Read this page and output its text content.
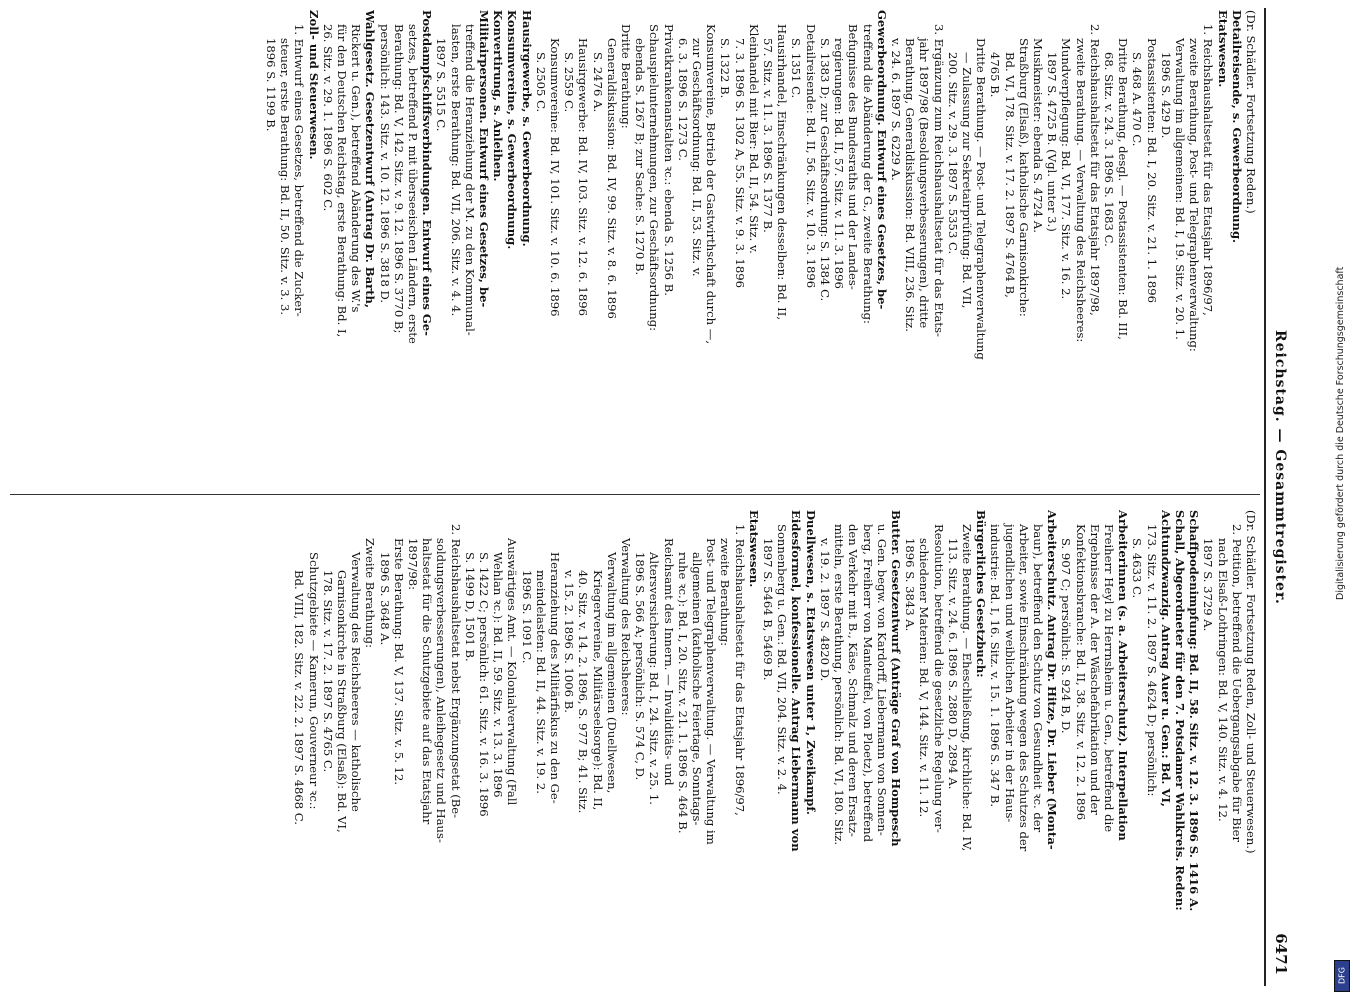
Reichstag. — Gesammtregister.
6471
(Dr. Schädler. Fortsetzung Reden.)
Detailreisende, s. Gewerbeordnung.
Etatswesen.
1. Reichshaushaltsetat für das Etatsjahr 1896/97,
zweite Berathung, Post- und Telegraphenverwaltung:
Verwaltung im allgemeinen: Bd. I, 19. Sitz. v. 20. 1.
1896 S. 429 D.
Postassistenten: Bd. I, 20. Sitz. v. 21. 1. 1896
S. 468 A. 470 C.
Dritte Berathung, desgl. — Postassistenten: Bd. III,
68. Sitz. v. 24. 3. 1896 S. 1683 C.
2. Reichshaushaltsetat für das Etatsjahr 1897/98,
zweite Berathung. — Verwaltung des Reichsheeres:
Mundverpflegung: Bd. VI, 177. Sitz. v. 16. 2.
1897 S. 4725 B. (Vgl. unter 3.)
Musikmeister: ebenda S. 4724 A.
Straßburg (Elsaß), katholische Garnisonkirche:
Bd. VI, 178. Sitz. v. 17. 2. 1897 S. 4764 B,
4765 B.
Dritte Berathung. — Post- und Telegraphenverwaltung
— Zulassung zur Sekretairprüfung: Bd. VII,
200. Sitz. v. 29. 3. 1897 S. 5353 C.
3. Ergänzung zum Reichshaushaltsetat für das Etats-
jahr 1897/98 (Besoldungsverbesserungen), dritte
Berathung, Generaldiskussion: Bd. VIII, 236. Sitz.
v. 24. 6. 1897 S. 6229 A.
Gewerbeordnung. Entwurf eines Gesetzes, be-
treffend die Abänderung der G., zweite Berathung:
Befugnisse des Bundesraths und der Landes-
regierungen: Bd. II, 57. Sitz. v. 11. 3. 1896
S. 1383 D; zur Geschäftsordnung: S. 1384 C.
Detailreisende: Bd. II, 56. Sitz. v. 10. 3. 1896
S. 1351 C.
Hausirhandel, Einschränkungen desselben: Bd. II,
57. Sitz. v. 11. 3. 1896 S. 1377 B.
Kleinhandel mit Bier: Bd. II, 54. Sitz. v.
7. 3. 1896 S. 1302 A, 55. Sitz. v. 9. 3. 1896
S. 1322 B.
Konsumvereine, Betrieb der Gastwirthschaft durch —,
zur Geschäftsordnung: Bd. II, 53. Sitz. v.
6. 3. 1896 S. 1273 C.
Privatkrankenanstalten ꝛc.: ebenda S. 1256 B.
Schauspielunternehmungen, zur Geschäftsordnung:
ebenda S. 1267 B; zur Sache: S. 1270 B.
Dritte Berathung:
Generaldiskussion: Bd. IV, 99. Sitz. v. 8. 6. 1896
S. 2476 A.
Hausirgewerbe: Bd. IV, 103. Sitz. v. 12. 6. 1896
S. 2559 C.
Konsumvereine: Bd. IV, 101. Sitz. v. 10. 6. 1896
S. 2505 C.
Hausirgewerbe, s. Gewerbeordnung.
Konsumvereine, s. Gewerbeordnung.
Konvertirung, s. Anleihen.
Militairpersonen. Entwurf eines Gesetzes, be-
treffend die Heranziehung der M. zu den Kommunal-
lasten, erste Berathung: Bd. VII, 206. Sitz. v. 4. 4.
1897 S. 5515 C.
Postdampfschiffsverbindungen. Entwurf eines Ge-
setzes, betreffend P. mit überseeischen Ländern, erste
Berathung: Bd. V, 142. Sitz. v. 9. 12. 1896 S. 3770 B;
persönlich: 143. Sitz. v. 10. 12. 1896 S. 3818 D.
Wahlgesetz. Gesetzentwurf (Antrag Dr. Barth,
Rickert u. Gen.), betreffend Abänderung des W.'s
für den Deutschen Reichstag, erste Berathung: Bd. I,
26. Sitz. v. 29. 1. 1896 S. 602 C.
Zoll- und Steuerwesen.
1. Entwurf eines Gesetzes, betreffend die Zucker-
steuer, erste Berathung: Bd. II, 50. Sitz. v. 3. 3.
1896 S. 1199 B.
(Dr. Schädler. Fortsetzung Reden, Zoll- und Steuerwesen.)
2. Petition, betreffend die Uebergangsabgabe für Bier
nach Elsaß-Lothringen: Bd. V, 140. Sitz. v. 4. 12.
1897 S. 3729 A.
Schaffpodenimpfung: Bd. II, 58. Sitz. v. 12. 3. 1896 S. 1416 A.
Schall, Abgeordneter für den 7. Potsdamer Wahlkreis. Reden:
Achtundzwanzig. Antrag Auer u. Gen.: Bd. VI,
173. Sitz. v. 11. 2. 1897 S. 4624 D; persönlich:
S. 4633 C.
Arbeiterinnen (s. a. Arbeiterschutz). Interpellation
Freiherr Heyl zu Herrnsheim u. Gen., betreffend die
Ergebnisse der A. der Wäschefabrikation und der
Konfektionsbranche: Bd. II, 38. Sitz. v. 12. 2. 1896
S. 907 C; persönlich: S. 924 B, D.
Arbeiterschutz. Antrag Dr. Hitze, Dr. Lieber (Monta-
baur), betreffend den Schutz von Gesundheit ꝛc. der
Arbeiter, sowie Einschränkung wegen des Schutzes der
jugendlichen und weiblichen Arbeiter in der Haus-
industrie: Bd. I, 16. Sitz. v. 15. 1. 1896 S. 347 B.
Bürgerliches Gesetzbuch:
Zweite Berathung. — Eheschließung, kirchliche: Bd. IV,
113. Sitz. v. 24. 6. 1896 S. 2880 D, 2894 A.
Resolution, betreffend die gesetzliche Regelung ver-
schiedener Materien: Bd. V, 144. Sitz. v. 11. 12.
1896 S. 3843 A.
Butter. Gesetzentwurf (Anträge Graf von Hompesch
u. Gen. begw. von Kardorff, Liebermann von Sonnen-
berg, Freiherr von Manteuffel, von Ploetz), betreffend
den Verkehr mit B., Käse, Schmalz und deren Ersatz-
mitteln, erste Berathung, persönlich: Bd. VI, 180. Sitz.
v. 19. 2. 1897 S. 4820 D.
Duellwesen, s. Etatswesen unter 1, Zweikampf.
Eidesformel, konfessionelle. Antrag Liebermann von
Sonnenberg u. Gen.: Bd. VII, 204. Sitz. v. 2. 4.
1897 S. 5464 B, 5469 B.
Etatswesen.
1. Reichshaushaltsetat für das Etatsjahr 1896/97,
zweite Berathung:
Post- und Telegraphenverwaltung. — Verwaltung im
allgemeinen (katholische Feiertage, Sonntags-
ruhe ꝛc.): Bd. I, 20. Sitz. v. 21. 1. 1896 S. 464 B.
Reichsamt des Innern. — Invaliditäts- und
Altersversicherung: Bd. I, 24. Sitz. v. 25. 1.
1896 S. 566 A; persönlich: S. 574 C, D.
Verwaltung des Reichsheeres:
Verwaltung im allgemeinen (Duellwesen,
Kriegervereine, Militärseelsorge): Bd. II,
40. Sitz. v. 14. 2. 1896, S. 977 B; 41. Sitz.
v. 15. 2. 1896 S. 1006 B.
Heranziehung des Militärfiskus zu den Ge-
meindelasten: Bd. II, 44. Sitz. v. 19. 2.
1896 S. 1091 C.
Auswärtiges Amt. — Kolonialverwaltung (Fall
Wehlan ꝛc.): Bd. II, 59. Sitz. v. 13. 3. 1896
S. 1422 C; persönlich: 61. Sitz. v. 16. 3. 1896
S. 1499 D, 1501 B.
2. Reichshaushaltsetat nebst Ergänzungsetat (Be-
soldungsverbesserungen), Anleihegesetz und Haus-
haltsetat für die Schutzgebiete auf das Etatsjahr
1897/98:
Erste Berathung: Bd. V, 137. Sitz. v. 5. 12.
1896 S. 3648 A.
Zweite Berathung:
Verwaltung des Reichsheeres — katholische
Garnisonkirche in Straßburg (Elsaß): Bd. VI,
178. Sitz. v. 17. 2. 1897 S. 4765 C.
Schutzgebiete — Kamerun, Gouverneur ꝛc.:
Bd. VIII, 182. Sitz. v. 22. 2. 1897 S. 4868 C.
Digitalisierung gefördert durch die Deutsche Forschungsgemeinschaft
DFG
